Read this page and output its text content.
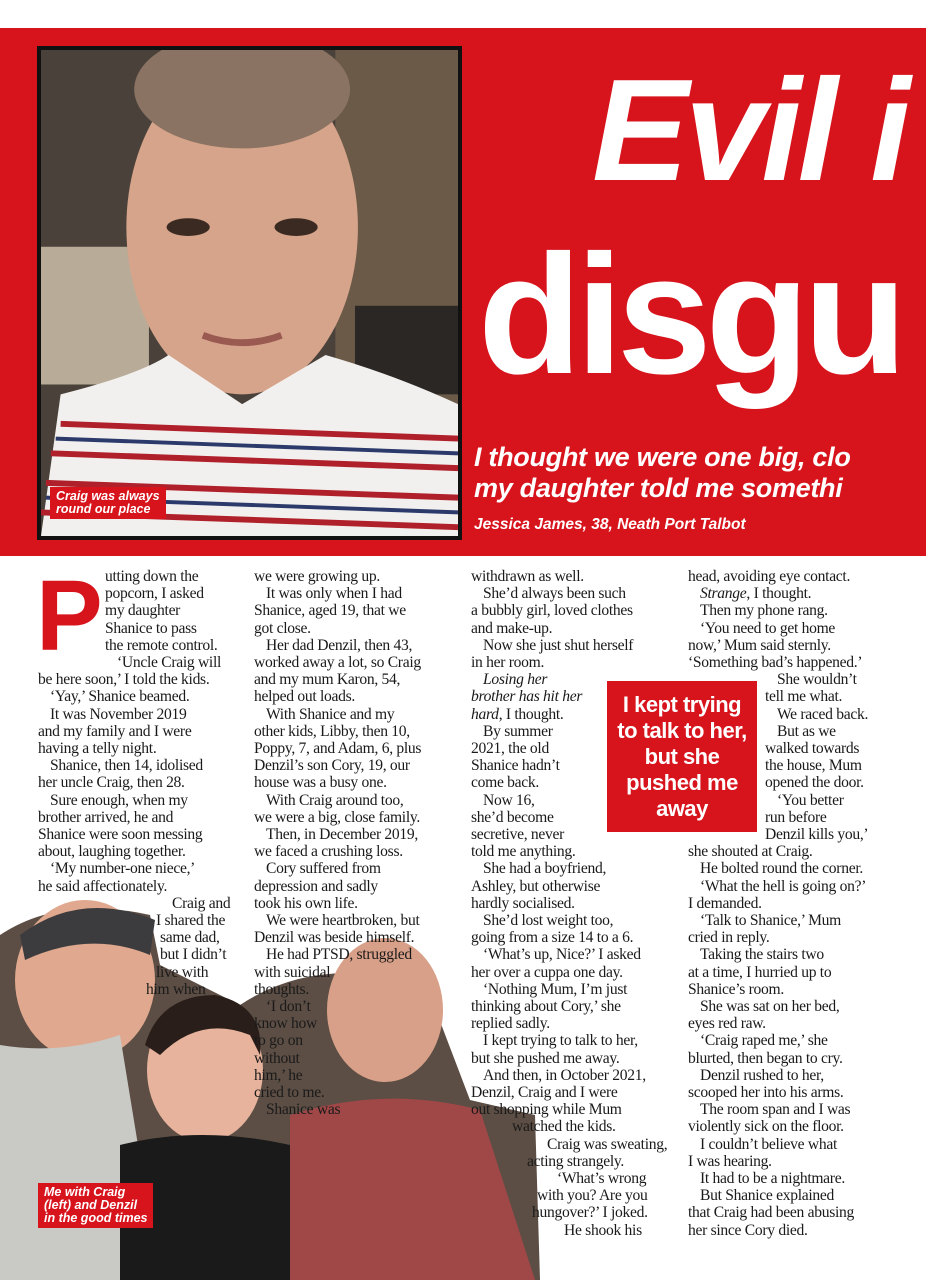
Craig was always
round our place
Evil i
disgu
I thought we were one big, clo
my daughter told me somethi
Jessica James, 38, Neath Port Talbot
Me with Craig
(left) and Denzil
in the good times
P utting down the
popcorn, I asked
my daughter
Shanice to pass
the remote control.
‘Uncle Craig will
be here soon,’ I told the kids.
‘Yay,’ Shanice beamed.
It was November 2019
and my family and I were
having a telly night.
Shanice, then 14, idolised
her uncle Craig, then 28.
Sure enough, when my
brother arrived, he and
Shanice were soon messing
about, laughing together.
‘My number-one niece,’
he said affectionately.
Craig and
I shared the
same dad,
but I didn’t
live with
him when
we were growing up.
It was only when I had
Shanice, aged 19, that we
got close.
Her dad Denzil, then 43,
worked away a lot, so Craig
and my mum Karon, 54,
helped out loads.
With Shanice and my
other kids, Libby, then 10,
Poppy, 7, and Adam, 6, plus
Denzil’s son Cory, 19, our
house was a busy one.
With Craig around too,
we were a big, close family.
Then, in December 2019,
we faced a crushing loss.
Cory suffered from
depression and sadly
took his own life.
We were heartbroken, but
Denzil was beside himself.
He had PTSD, struggled
with suicidal
thoughts.
‘I don’t
know how
to go on
without
him,’ he
cried to me.
Shanice was
withdrawn as well.
She’d always been such
a bubbly girl, loved clothes
and make-up.
Now she just shut herself
in her room.
Losing her
brother has hit her
hard, I thought.
By summer
2021, the old
Shanice hadn’t
come back.
Now 16,
she’d become
secretive, never
told me anything.
She had a boyfriend,
Ashley, but otherwise
hardly socialised.
She’d lost weight too,
going from a size 14 to a 6.
‘What’s up, Nice?’ I asked
her over a cuppa one day.
‘Nothing Mum, I’m just
thinking about Cory,’ she
replied sadly.
I kept trying to talk to her,
but she pushed me away.
And then, in October 2021,
Denzil, Craig and I were
out shopping while Mum
watched the kids.
Craig was sweating,
acting strangely.
‘What’s wrong
with you? Are you
hungover?’ I joked.
He shook his
head, avoiding eye contact.
Strange, I thought.
Then my phone rang.
‘You need to get home
now,’ Mum said sternly.
‘Something bad’s happened.’
She wouldn’t
tell me what.
We raced back.
But as we
walked towards
the house, Mum
opened the door.
‘You better
run before
Denzil kills you,’
she shouted at Craig.
He bolted round the corner.
‘What the hell is going on?’
I demanded.
‘Talk to Shanice,’ Mum
cried in reply.
Taking the stairs two
at a time, I hurried up to
Shanice’s room.
She was sat on her bed,
eyes red raw.
‘Craig raped me,’ she
blurted, then began to cry.
Denzil rushed to her,
scooped her into his arms.
The room span and I was
violently sick on the floor.
I couldn’t believe what
I was hearing.
It had to be a nightmare.
But Shanice explained
that Craig had been abusing
her since Cory died.
I kept trying to talk to her, but she pushed me away
